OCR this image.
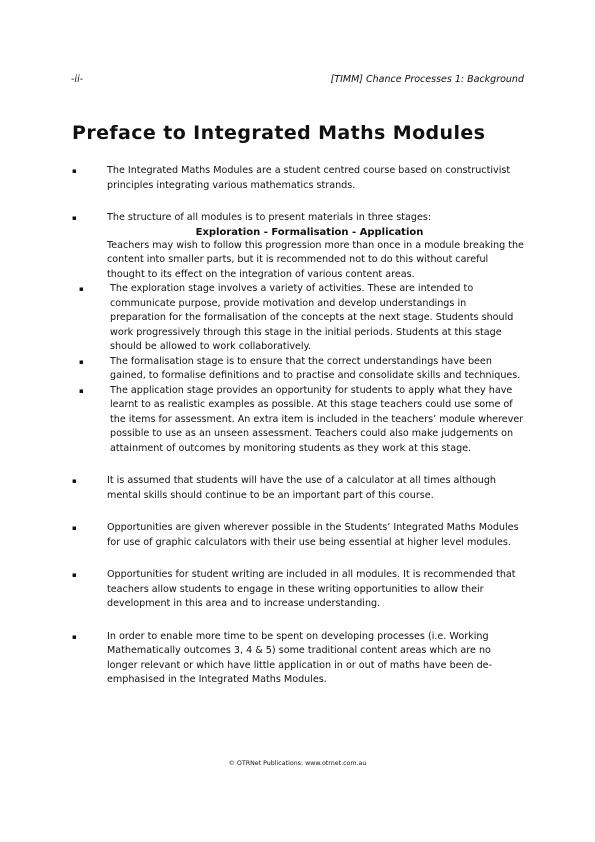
-ii-	[TIMM] Chance Processes 1: Background
Preface to Integrated Maths Modules
▪	The Integrated Maths Modules are a student centred course based on constructivist principles integrating various mathematics strands.
▪	The structure of all modules is to present materials in three stages:
Exploration - Formalisation - Application
Teachers may wish to follow this progression more than once in a module breaking the content into smaller parts, but it is recommended not to do this without careful thought to its effect on the integration of various content areas.
▪	The exploration stage involves a variety of activities. These are intended to communicate purpose, provide motivation and develop understandings in preparation for the formalisation of the concepts at the next stage. Students should work progressively through this stage in the initial periods. Students at this stage should be allowed to work collaboratively.
▪	The formalisation stage is to ensure that the correct understandings have been gained, to formalise definitions and to practise and consolidate skills and techniques.
▪	The application stage provides an opportunity for students to apply what they have learnt to as realistic examples as possible. At this stage teachers could use some of the items for assessment. An extra item is included in the teachers’ module wherever possible to use as an unseen assessment. Teachers could also make judgements on attainment of outcomes by monitoring students as they work at this stage.
▪	It is assumed that students will have the use of a calculator at all times although mental skills should continue to be an important part of this course.
▪	Opportunities are given wherever possible in the Students’ Integrated Maths Modules for use of graphic calculators with their use being essential at higher level modules.
▪	Opportunities for student writing are included in all modules. It is recommended that teachers allow students to engage in these writing opportunities to allow their development in this area and to increase understanding.
▪	In order to enable more time to be spent on developing processes (i.e. Working Mathematically outcomes 3, 4 & 5) some traditional content areas which are no longer relevant or which have little application in or out of maths have been de-emphasised in the Integrated Maths Modules.
© OTRNet Publications: www.otrnet.com.au
